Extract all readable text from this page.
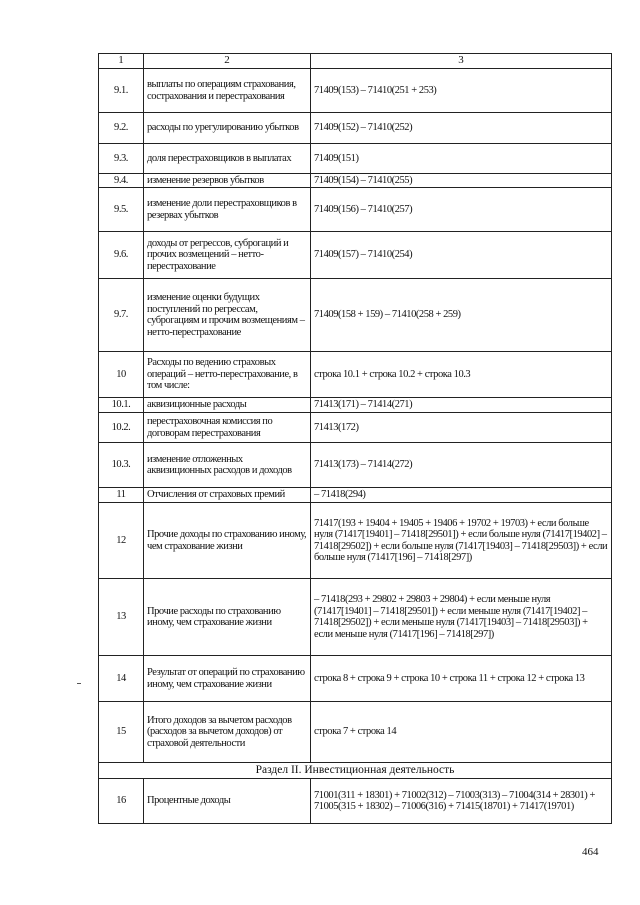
1	2	3
9.1.	выплаты по операциям страхования, сострахования и перестрахования	71409(153) – 71410(251 + 253)
9.2.	расходы по урегулированию убытков	71409(152) – 71410(252)
9.3.	доля перестраховщиков в выплатах	71409(151)
9.4.	изменение резервов убытков	71409(154) – 71410(255)
9.5.	изменение доли перестраховщиков в резервах убытков	71409(156) – 71410(257)
9.6.	доходы от регрессов, суброгаций и прочих возмещений – нетто-перестрахование	71409(157) – 71410(254)
9.7.	изменение оценки будущих поступлений по регрессам, суброгациям и прочим возмещениям – нетто-перестрахование	71409(158 + 159) – 71410(258 + 259)
10	Расходы по ведению страховых операций – нетто-перестрахование, в том числе:	строка 10.1 + строка 10.2 + строка 10.3
10.1.	аквизиционные расходы	71413(171) – 71414(271)
10.2.	перестраховочная комиссия по договорам перестрахования	71413(172)
10.3.	изменение отложенных аквизиционных расходов и доходов	71413(173) – 71414(272)
11	Отчисления от страховых премий	– 71418(294)
12	Прочие доходы по страхованию иному, чем страхование жизни	71417(193 + 19404 + 19405 + 19406 + 19702 + 19703) + если больше нуля (71417[19401] – 71418[29501]) + если больше нуля (71417[19402] – 71418[29502]) + если больше нуля (71417[19403] – 71418[29503]) + если больше нуля (71417[196] – 71418[297])
13	Прочие расходы по страхованию иному, чем страхование жизни	– 71418(293 + 29802 + 29803 + 29804) + если меньше нуля (71417[19401] – 71418[29501]) + если меньше нуля (71417[19402] – 71418[29502]) + если меньше нуля (71417[19403] – 71418[29503]) + если меньше нуля (71417[196] – 71418[297])
14	Результат от операций по страхованию иному, чем страхование жизни	строка 8 + строка 9 + строка 10 + строка 11 + строка 12 + строка 13
15	Итого доходов за вычетом расходов (расходов за вычетом доходов) от страховой деятельности	строка 7 + строка 14
Раздел II. Инвестиционная деятельность		
16	Процентные доходы	71001(311 + 18301) + 71002(312) – 71003(313) – 71004(314 + 28301) + 71005(315 + 18302) – 71006(316) + 71415(18701) + 71417(19701)
464
